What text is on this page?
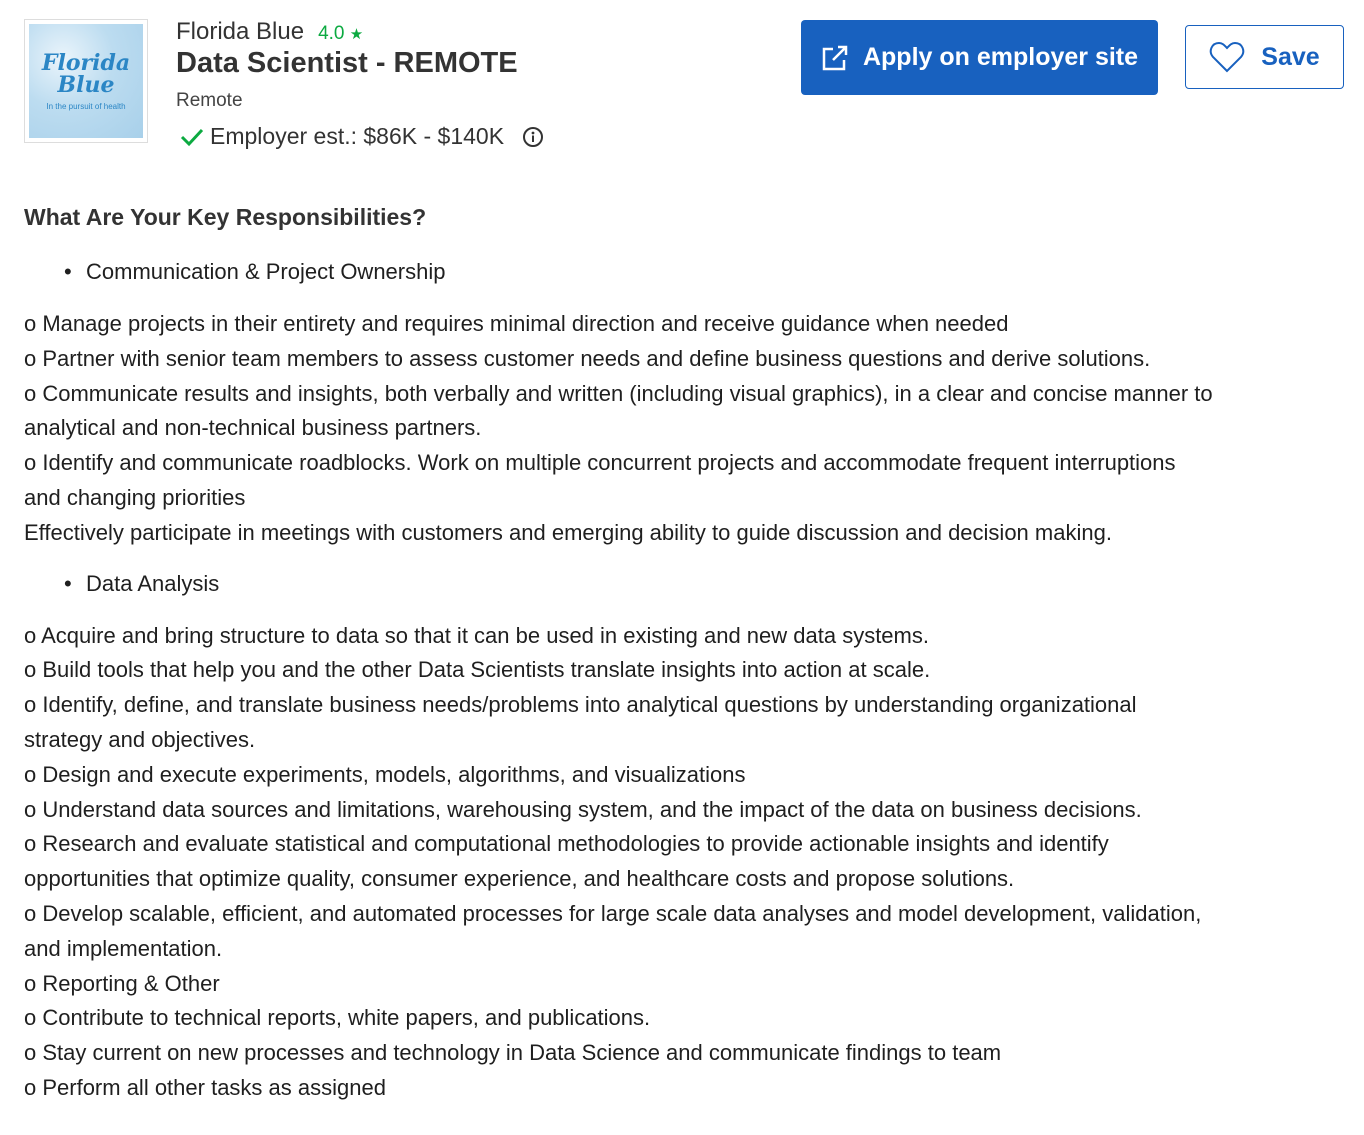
Florida
Blue
In the pursuit of health
Florida Blue 4.0 ★
Data Scientist - REMOTE
Remote
Employer est.: $86K - $140K
Apply on employer site	Save
What Are Your Key Responsibilities?
• Communication & Project Ownership
o Manage projects in their entirety and requires minimal direction and receive guidance when needed
o Partner with senior team members to assess customer needs and define business questions and derive solutions.
o Communicate results and insights, both verbally and written (including visual graphics), in a clear and concise manner to
analytical and non-technical business partners.
o Identify and communicate roadblocks. Work on multiple concurrent projects and accommodate frequent interruptions
and changing priorities
Effectively participate in meetings with customers and emerging ability to guide discussion and decision making.
• Data Analysis
o Acquire and bring structure to data so that it can be used in existing and new data systems.
o Build tools that help you and the other Data Scientists translate insights into action at scale.
o Identify, define, and translate business needs/problems into analytical questions by understanding organizational
strategy and objectives.
o Design and execute experiments, models, algorithms, and visualizations
o Understand data sources and limitations, warehousing system, and the impact of the data on business decisions.
o Research and evaluate statistical and computational methodologies to provide actionable insights and identify
opportunities that optimize quality, consumer experience, and healthcare costs and propose solutions.
o Develop scalable, efficient, and automated processes for large scale data analyses and model development, validation,
and implementation.
o Reporting & Other
o Contribute to technical reports, white papers, and publications.
o Stay current on new processes and technology in Data Science and communicate findings to team
o Perform all other tasks as assigned
